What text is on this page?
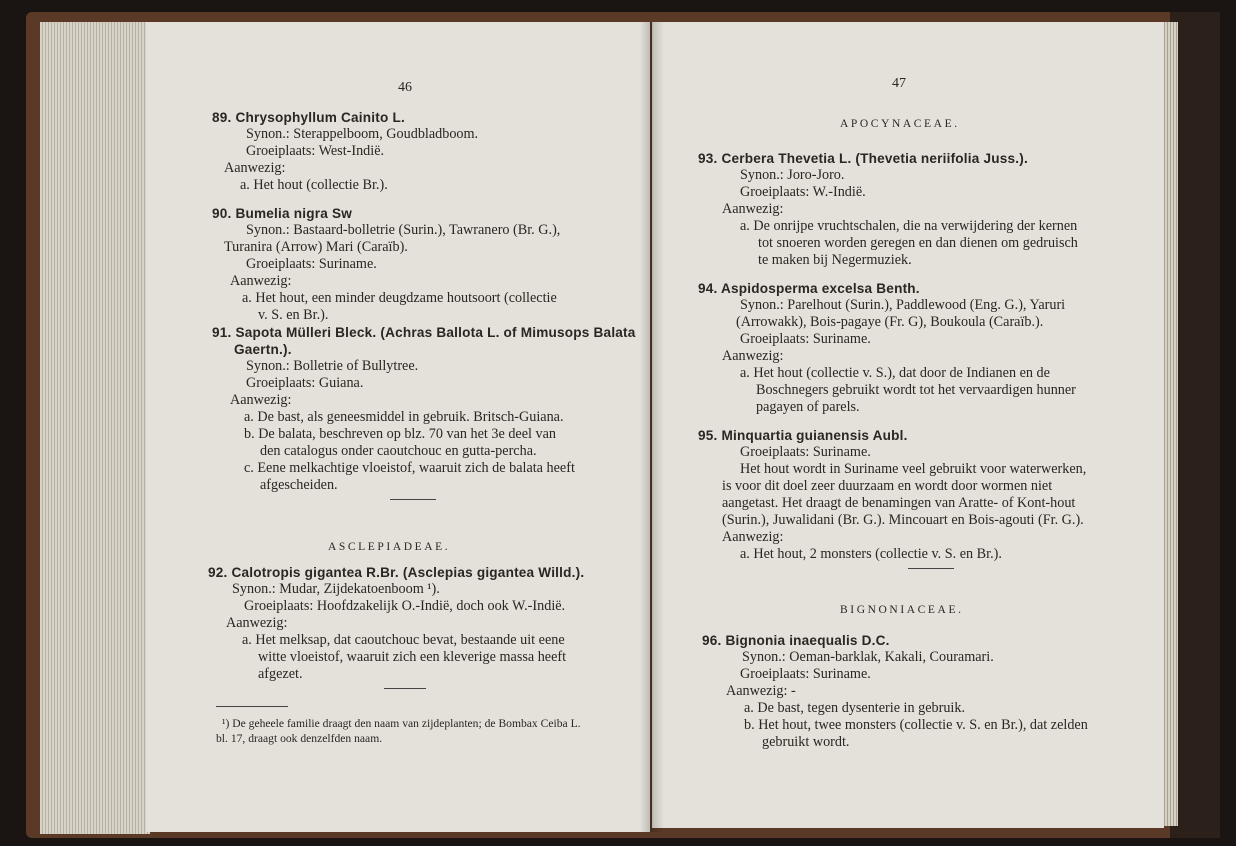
46
89. Chrysophyllum Cainito L.
Synon.: Sterappelboom, Goudbladboom.
Groeiplaats: West-Indië.
Aanwezig:
a. Het hout (collectie Br.).
90. Bumelia nigra Sw
Synon.: Bastaard-bolletrie (Surin.), Tawranero (Br. G.),
Turanira (Arrow) Mari (Caraïb).
Groeiplaats: Suriname.
Aanwezig:
a. Het hout, een minder deugdzame houtsoort (collectie
v. S. en Br.).
91. Sapota Mülleri Bleck. (Achras Ballota L. of Mimusops Balata
Gaertn.).
Synon.: Bolletrie of Bullytree.
Groeiplaats: Guiana.
Aanwezig:
a. De bast, als geneesmiddel in gebruik. Britsch-Guiana.
b. De balata, beschreven op blz. 70 van het 3e deel van
den catalogus onder caoutchouc en gutta-percha.
c. Eene melkachtige vloeistof, waaruit zich de balata heeft
afgescheiden.
ASCLEPIADEAE.
92. Calotropis gigantea R.Br. (Asclepias gigantea Willd.).
Synon.: Mudar, Zijdekatoenboom ¹).
Groeiplaats: Hoofdzakelijk O.-Indië, doch ook W.-Indië.
Aanwezig:
a. Het melksap, dat caoutchouc bevat, bestaande uit eene
witte vloeistof, waaruit zich een kleverige massa heeft
afgezet.
¹) De geheele familie draagt den naam van zijdeplanten; de Bombax Ceiba L.
bl. 17, draagt ook denzelfden naam.
47
APOCYNACEAE.
93. Cerbera Thevetia L. (Thevetia neriifolia Juss.).
Synon.: Joro-Joro.
Groeiplaats: W.-Indië.
Aanwezig:
a. De onrijpe vruchtschalen, die na verwijdering der kernen
tot snoeren worden geregen en dan dienen om gedruisch
te maken bij Negermuziek.
94. Aspidosperma excelsa Benth.
Synon.: Parelhout (Surin.), Paddlewood (Eng. G.), Yaruri
(Arrowakk), Bois-pagaye (Fr. G), Boukoula (Caraïb.).
Groeiplaats: Suriname.
Aanwezig:
a. Het hout (collectie v. S.), dat door de Indianen en de
Boschnegers gebruikt wordt tot het vervaardigen hunner
pagayen of parels.
95. Minquartia guianensis Aubl.
Groeiplaats: Suriname.
Het hout wordt in Suriname veel gebruikt voor waterwerken,
is voor dit doel zeer duurzaam en wordt door wormen niet
aangetast. Het draagt de benamingen van Aratte- of Kont-hout
(Surin.), Juwalidani (Br. G.). Mincouart en Bois-agouti (Fr. G.).
Aanwezig:
a. Het hout, 2 monsters (collectie v. S. en Br.).
BIGNONIACEAE.
96. Bignonia inaequalis D.C.
Synon.: Oeman-barklak, Kakali, Couramari.
Groeiplaats: Suriname.
Aanwezig: -
a. De bast, tegen dysenterie in gebruik.
b. Het hout, twee monsters (collectie v. S. en Br.), dat zelden
gebruikt wordt.
